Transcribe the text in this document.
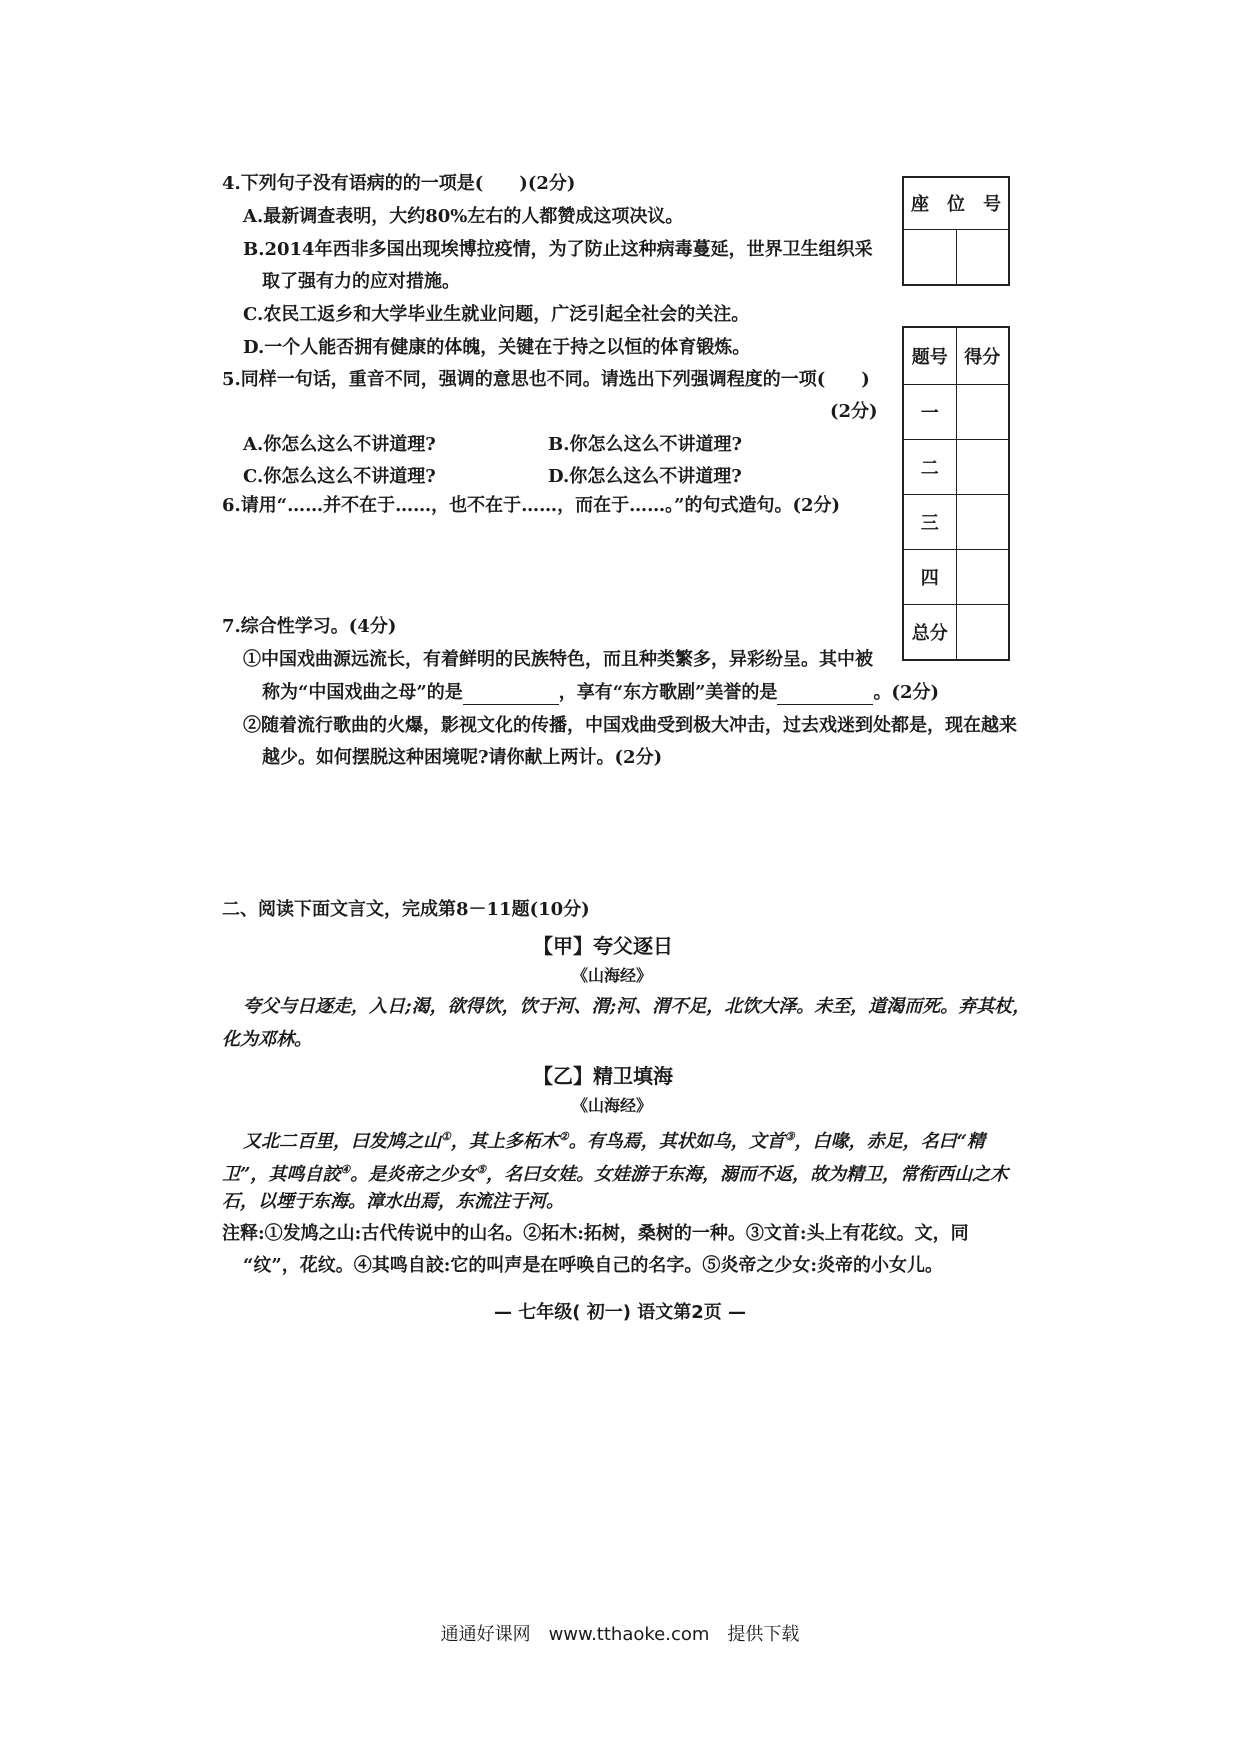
4.下列句子没有语病的的一项是(　　)(2分)
A.最新调查表明，大约80%左右的人都赞成这项决议。
B.2014年西非多国出现埃博拉疫情，为了防止这种病毒蔓延，世界卫生组织采
取了强有力的应对措施。
C.农民工返乡和大学毕业生就业问题，广泛引起全社会的关注。
D.一个人能否拥有健康的体魄，关键在于持之以恒的体育锻炼。
5.同样一句话，重音不同，强调的意思也不同。请选出下列强调程度的一项(　　)
(2分)
A.你怎么这么不讲道理?	B.你怎么这么不讲道理?
C.你怎么这么不讲道理?	D.你怎么这么不讲道理?
6.请用“……并不在于……，也不在于……，而在于……。”的句式造句。(2分)
7.综合性学习。(4分)
①中国戏曲源远流长，有着鲜明的民族特色，而且种类繁多，异彩纷呈。其中被
称为“中国戏曲之母”的是	，享有“东方歌剧”美誉的是	。(2分)
②随着流行歌曲的火爆，影视文化的传播，中国戏曲受到极大冲击，过去戏迷到处都是，现在越来
越少。如何摆脱这种困境呢?请你献上两计。(2分)
二、阅读下面文言文，完成第8－11题(10分)
【甲】夸父逐日
《山海经》
夸父与日逐走，入日;渴，欲得饮，饮于河、渭;河、渭不足，北饮大泽。未至，道渴而死。弃其杖，
化为邓林。
【乙】精卫填海
《山海经》
又北二百里，曰发鸠之山①，其上多柘木②。有鸟焉，其状如乌，文首③，白喙，赤足，名曰“精
卫”，其鸣自詨④。是炎帝之少女⑤，名曰女娃。女娃游于东海，溺而不返，故为精卫，常衔西山之木
石，以堙于东海。漳水出焉，东流注于河。
注释:①发鸠之山:古代传说中的山名。②拓木:拓树，桑树的一种。③文首:头上有花纹。文，同
“纹”，花纹。④其鸣自詨:它的叫声是在呼唤自己的名字。⑤炎帝之少女:炎帝的小女儿。
座　位　号

题号	得分
一	
二	
三	
四	
总分	
— 七年级( 初一) 语文第2页 —
通通好课网　www.tthaoke.com　提供下载
